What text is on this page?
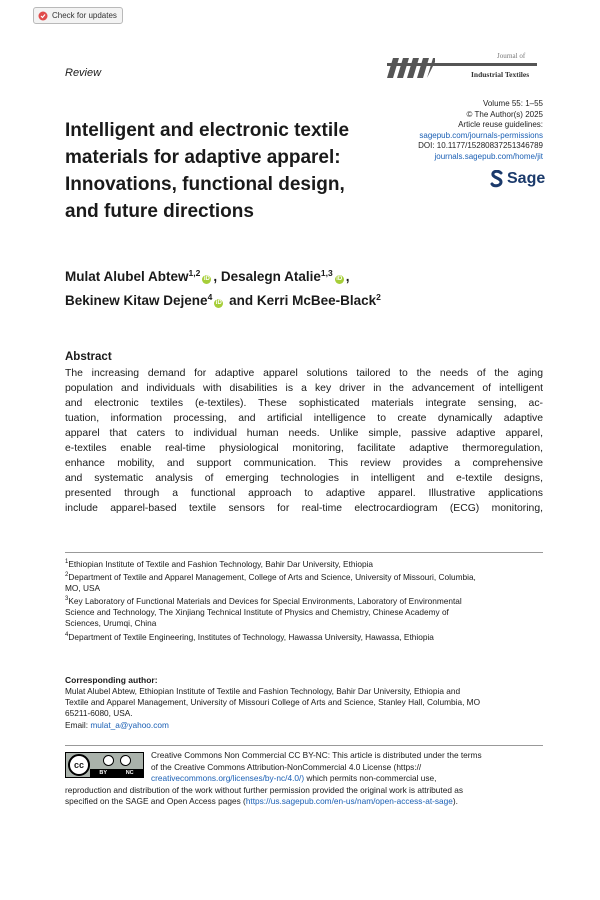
Check for updates
Review
Journal of
Industrial Textiles
Volume 55: 1–55
© The Author(s) 2025
Article reuse guidelines:
sagepub.com/journals-permissions
DOI: 10.1177/15280837251346789
journals.sagepub.com/home/jit
Sage
Intelligent and electronic textile
materials for adaptive apparel:
Innovations, functional design,
and future directions
Mulat Alubel Abtew$^{1,2}$iD , Desalegn Atalie$^{1,3}$iD ,
Bekinew Kitaw Dejene$^4$iD and Kerri McBee-Black$^2$
Abstract
The increasing demand for adaptive apparel solutions tailored to the needs of the aging
population and individuals with disabilities is a key driver in the advancement of intelligent
and electronic textiles (e-textiles). These sophisticated materials integrate sensing, ac-
tuation, information processing, and artificial intelligence to create dynamically adaptive
apparel that caters to individual human needs. Unlike simple, passive adaptive apparel,
e-textiles enable real-time physiological monitoring, facilitate adaptive thermoregulation,
enhance mobility, and support communication. This review provides a comprehensive
and systematic analysis of emerging technologies in intelligent and e-textile designs,
presented through a functional approach to adaptive apparel. Illustrative applications
include apparel-based textile sensors for real-time electrocardiogram (ECG) monitoring,
$^1$Ethiopian Institute of Textile and Fashion Technology, Bahir Dar University, Ethiopia
$^2$Department of Textile and Apparel Management, College of Arts and Science, University of Missouri, Columbia,
MO, USA
$^3$Key Laboratory of Functional Materials and Devices for Special Environments, Laboratory of Environmental
Science and Technology, The Xinjiang Technical Institute of Physics and Chemistry, Chinese Academy of
Sciences, Urumqi, China
$^4$Department of Textile Engineering, Institutes of Technology, Hawassa University, Hawassa, Ethiopia
Corresponding author:
Mulat Alubel Abtew, Ethiopian Institute of Textile and Fashion Technology, Bahir Dar University, Ethiopia and
Textile and Apparel Management, University of Missouri College of Arts and Science, Stanley Hall, Columbia, MO
65211-6080, USA.
Email: mulat_a@yahoo.com
cc
BY	NC
Creative Commons Non Commercial CC BY-NC: This article is distributed under the terms
of the Creative Commons Attribution-NonCommercial 4.0 License (https://
creativecommons.org/licenses/by-nc/4.0/) which permits non-commercial use,
reproduction and distribution of the work without further permission provided the original work is attributed as
specified on the SAGE and Open Access pages (https://us.sagepub.com/en-us/nam/open-access-at-sage).
